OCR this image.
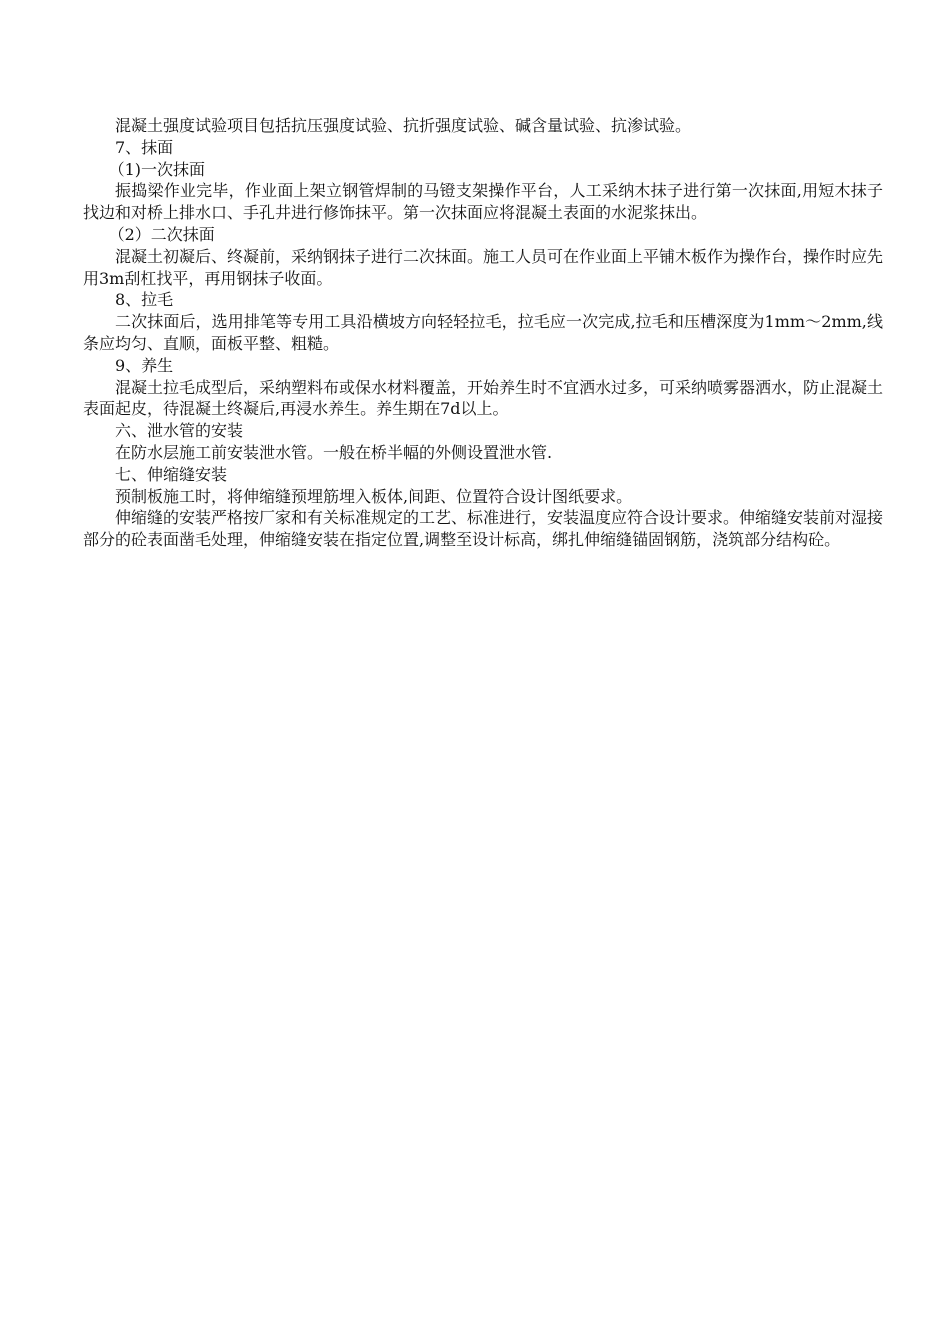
混凝土强度试验项目包括抗压强度试验、抗折强度试验、碱含量试验、抗渗试验。

7、抹面

（1)一次抹面

振捣梁作业完毕，作业面上架立钢管焊制的马镫支架操作平台，人工采纳木抹子进行第一次抹面,用短木抹子找边和对桥上排水口、手孔井进行修饰抹平。第一次抹面应将混凝土表面的水泥浆抹出。

（2）二次抹面

混凝土初凝后、终凝前，采纳钢抹子进行二次抹面。施工人员可在作业面上平铺木板作为操作台，操作时应先用3m刮杠找平，再用钢抹子收面。

8、拉毛

二次抹面后，选用排笔等专用工具沿横坡方向轻轻拉毛，拉毛应一次完成,拉毛和压槽深度为1mm～2mm,线条应均匀、直顺，面板平整、粗糙。

9、养生

混凝土拉毛成型后，采纳塑料布或保水材料覆盖，开始养生时不宜洒水过多，可采纳喷雾器洒水，防止混凝土表面起皮，待混凝土终凝后,再浸水养生。养生期在7d以上。

六、泄水管的安装

在防水层施工前安装泄水管。一般在桥半幅的外侧设置泄水管.

七、伸缩缝安装

预制板施工时，将伸缩缝预埋筋埋入板体,间距、位置符合设计图纸要求。

伸缩缝的安装严格按厂家和有关标准规定的工艺、标准进行，安装温度应符合设计要求。伸缩缝安装前对湿接部分的砼表面凿毛处理，伸缩缝安装在指定位置,调整至设计标高，绑扎伸缩缝锚固钢筋，浇筑部分结构砼。
